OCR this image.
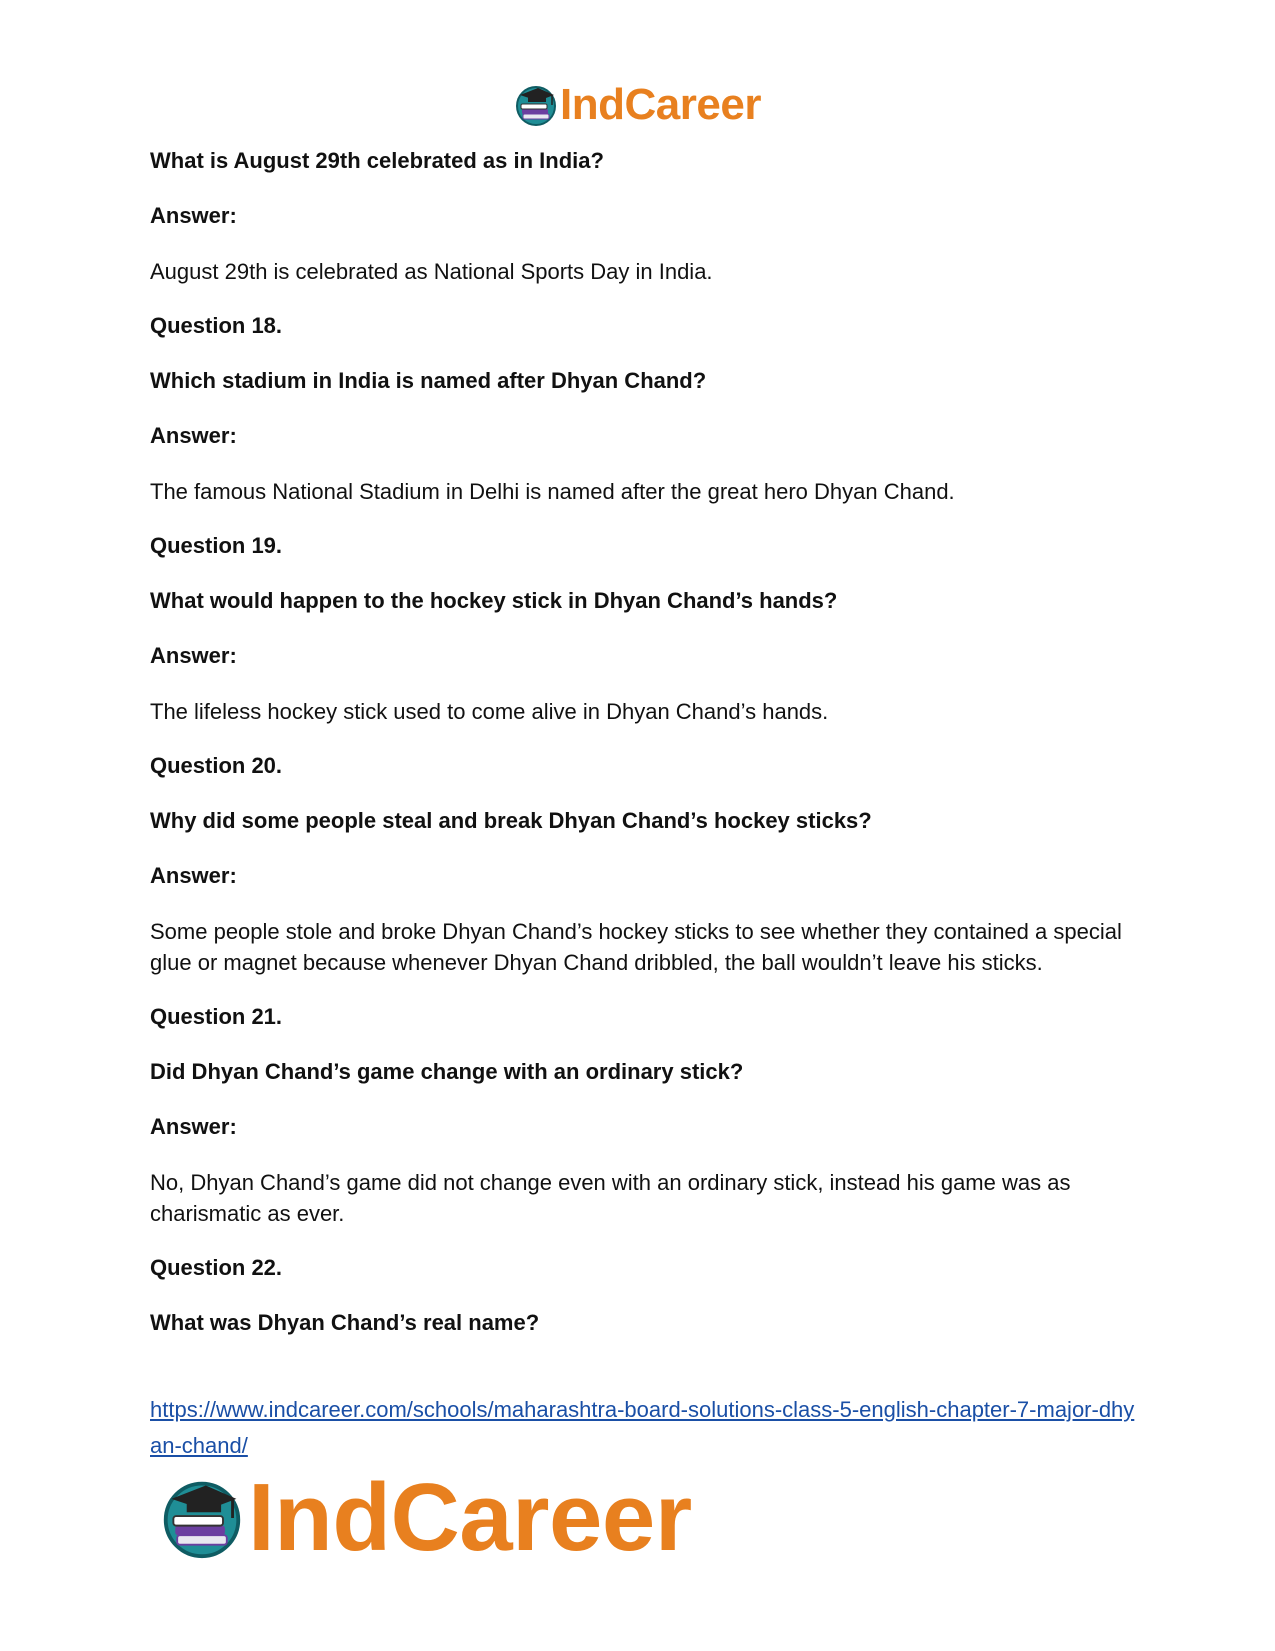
IndCareer

What is August 29th celebrated as in India?

Answer:

August 29th is celebrated as National Sports Day in India.

Question 18.

Which stadium in India is named after Dhyan Chand?

Answer:

The famous National Stadium in Delhi is named after the great hero Dhyan Chand.

Question 19.

What would happen to the hockey stick in Dhyan Chand’s hands?

Answer:

The lifeless hockey stick used to come alive in Dhyan Chand’s hands.

Question 20.

Why did some people steal and break Dhyan Chand’s hockey sticks?

Answer:

Some people stole and broke Dhyan Chand’s hockey sticks to see whether they contained a special glue or magnet because whenever Dhyan Chand dribbled, the ball wouldn’t leave his sticks.

Question 21.

Did Dhyan Chand’s game change with an ordinary stick?

Answer:

No, Dhyan Chand’s game did not change even with an ordinary stick, instead his game was as charismatic as ever.

Question 22.

What was Dhyan Chand’s real name?

https://www.indcareer.com/schools/maharashtra-board-solutions-class-5-english-chapter-7-major-dhyan-chand/
IndCareer
